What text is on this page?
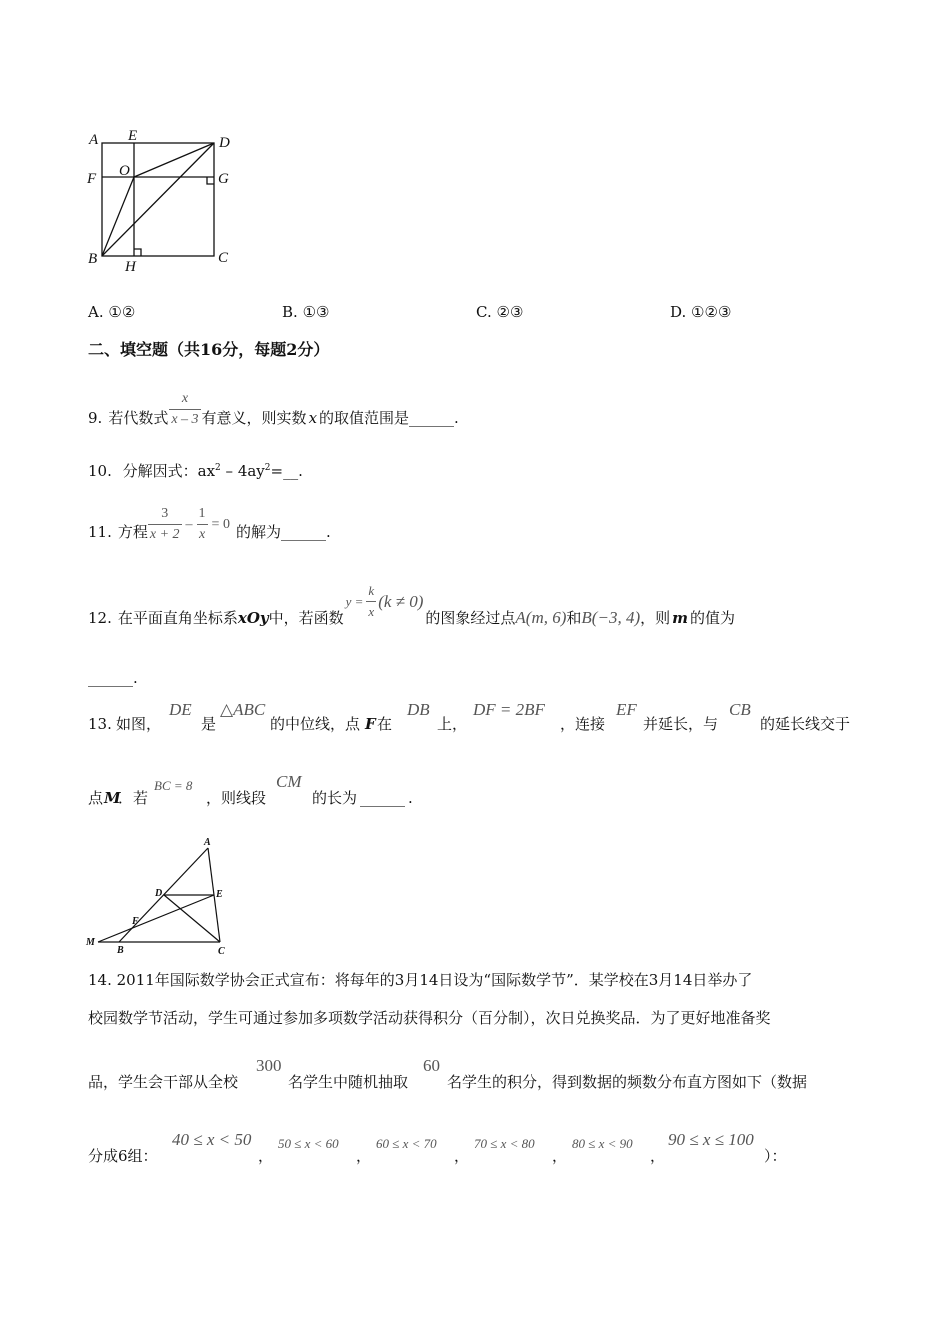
A E	D
O
F	G
B H
C
A. ①②	B. ①③	C. ②③	D. ①②③
二、填空题（共16分，每题2分）
9. 若代数式 $\frac{x}{x - 3}$ 有意义，则实数 x 的取值范围是 ______ .
10. 分解因式：$ax^2$ – $4ay^2=\_\_$.
11. 方程 $\frac{3}{x + 2} - \frac{1}{x} = 0$ 的解为 ______ .
12. 在平面直角坐标系 xOy 中，若函数
$y = \frac{k}{x} (k \ne 0)$
的图象经过点 A(m, 6) 和 B(−3, 4) ，则 m 的值为
______.
13. 如图，
DE
是
△ABC
的中位线，点 F 在
DB
上，
DF = 2BF
，连接
EF
并延长，与
CB
的延长线交于
点 M
．若
BC = 8
，则线段
CM
的长为 ______ .
A
D	E
F
M
B	C
14. 2011年国际数学协会正式宣布：将每年的3月14日设为“国际数学节”．某学校在3月14日举办了
校园数学节活动，学生可通过参加多项数学活动获得积分（百分制），次日兑换奖品．为了更好地准备奖
品，学生会干部从全校
300
名学生中随机抽取
60
名学生的积分，得到数据的频数分布直方图如下（数据
分成6组：
40 ≤ x < 50
，
50 ≤ x < 60
，
60 ≤ x < 70
，
70 ≤ x < 80
，
80 ≤ x < 90
，
90 ≤ x ≤ 100
）：
